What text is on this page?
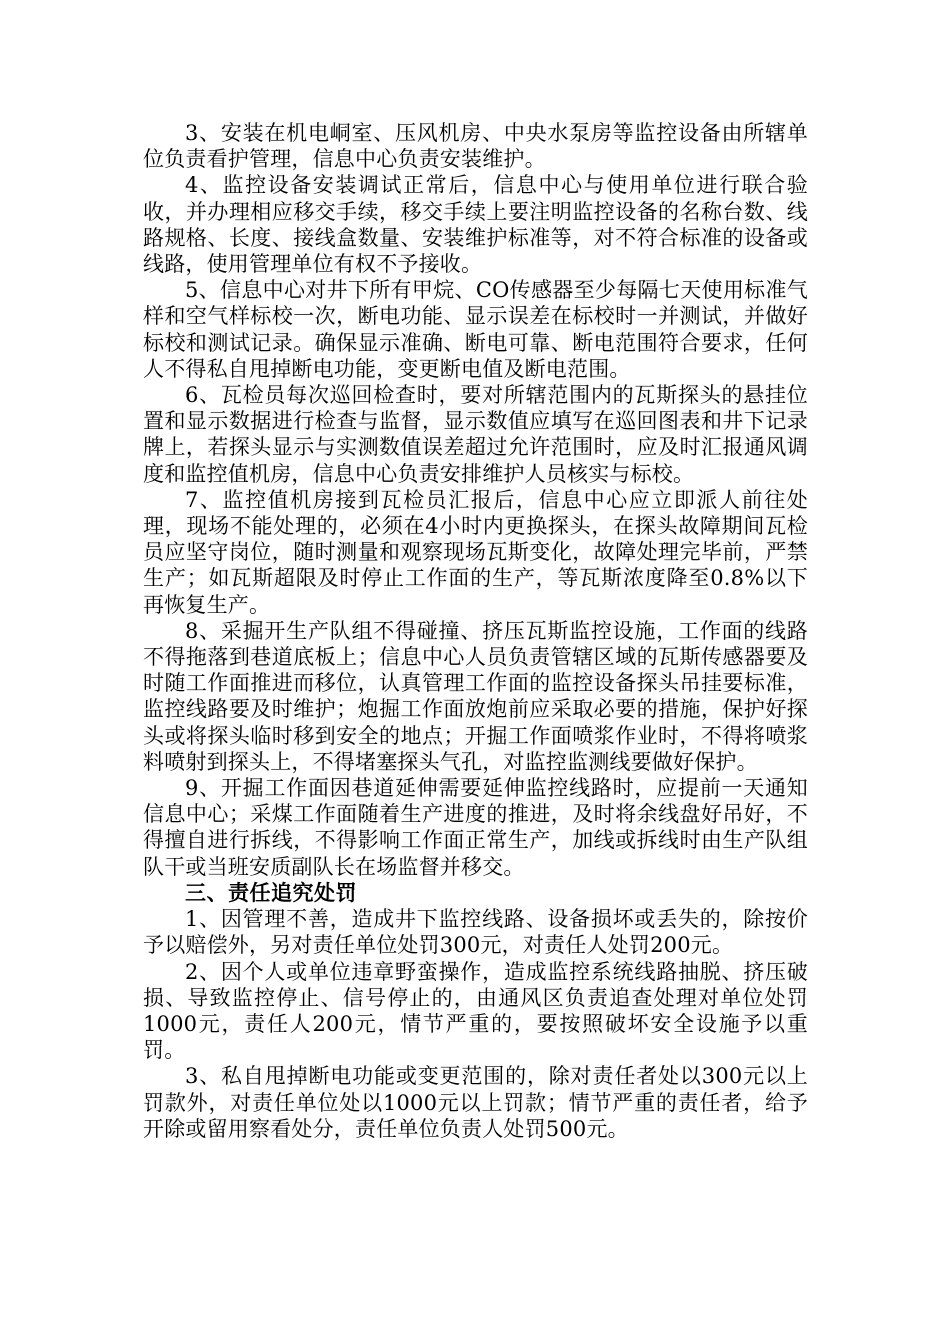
3、安装在机电峒室、压风机房、中央水泵房等监控设备由所辖单位负责看护管理，信息中心负责安装维护。

4、监控设备安装调试正常后，信息中心与使用单位进行联合验收，并办理相应移交手续，移交手续上要注明监控设备的名称台数、线路规格、长度、接线盒数量、安装维护标准等，对不符合标准的设备或线路，使用管理单位有权不予接收。

5、信息中心对井下所有甲烷、CO传感器至少每隔七天使用标准气样和空气样标校一次，断电功能、显示误差在标校时一并测试，并做好标校和测试记录。确保显示准确、断电可靠、断电范围符合要求，任何人不得私自甩掉断电功能，变更断电值及断电范围。

6、瓦检员每次巡回检查时，要对所辖范围内的瓦斯探头的悬挂位置和显示数据进行检查与监督，显示数值应填写在巡回图表和井下记录牌上，若探头显示与实测数值误差超过允许范围时，应及时汇报通风调度和监控值机房，信息中心负责安排维护人员核实与标校。

7、监控值机房接到瓦检员汇报后，信息中心应立即派人前往处理，现场不能处理的，必须在4小时内更换探头，在探头故障期间瓦检员应坚守岗位，随时测量和观察现场瓦斯变化，故障处理完毕前，严禁生产；如瓦斯超限及时停止工作面的生产，等瓦斯浓度降至0.8%以下再恢复生产。

8、采掘开生产队组不得碰撞、挤压瓦斯监控设施，工作面的线路不得拖落到巷道底板上；信息中心人员负责管辖区域的瓦斯传感器要及时随工作面推进而移位，认真管理工作面的监控设备探头吊挂要标准，监控线路要及时维护；炮掘工作面放炮前应采取必要的措施，保护好探头或将探头临时移到安全的地点；开掘工作面喷浆作业时，不得将喷浆料喷射到探头上，不得堵塞探头气孔，对监控监测线要做好保护。

9、开掘工作面因巷道延伸需要延伸监控线路时，应提前一天通知信息中心；采煤工作面随着生产进度的推进，及时将余线盘好吊好，不得擅自进行拆线，不得影响工作面正常生产，加线或拆线时由生产队组队干或当班安质副队长在场监督并移交。

三、责任追究处罚

1、因管理不善，造成井下监控线路、设备损坏或丢失的，除按价予以赔偿外，另对责任单位处罚300元，对责任人处罚200元。

2、因个人或单位违章野蛮操作，造成监控系统线路抽脱、挤压破损、导致监控停止、信号停止的，由通风区负责追查处理对单位处罚1000元，责任人200元，情节严重的，要按照破坏安全设施予以重罚。

3、私自甩掉断电功能或变更范围的，除对责任者处以300元以上罚款外，对责任单位处以1000元以上罚款；情节严重的责任者，给予开除或留用察看处分，责任单位负责人处罚500元。
